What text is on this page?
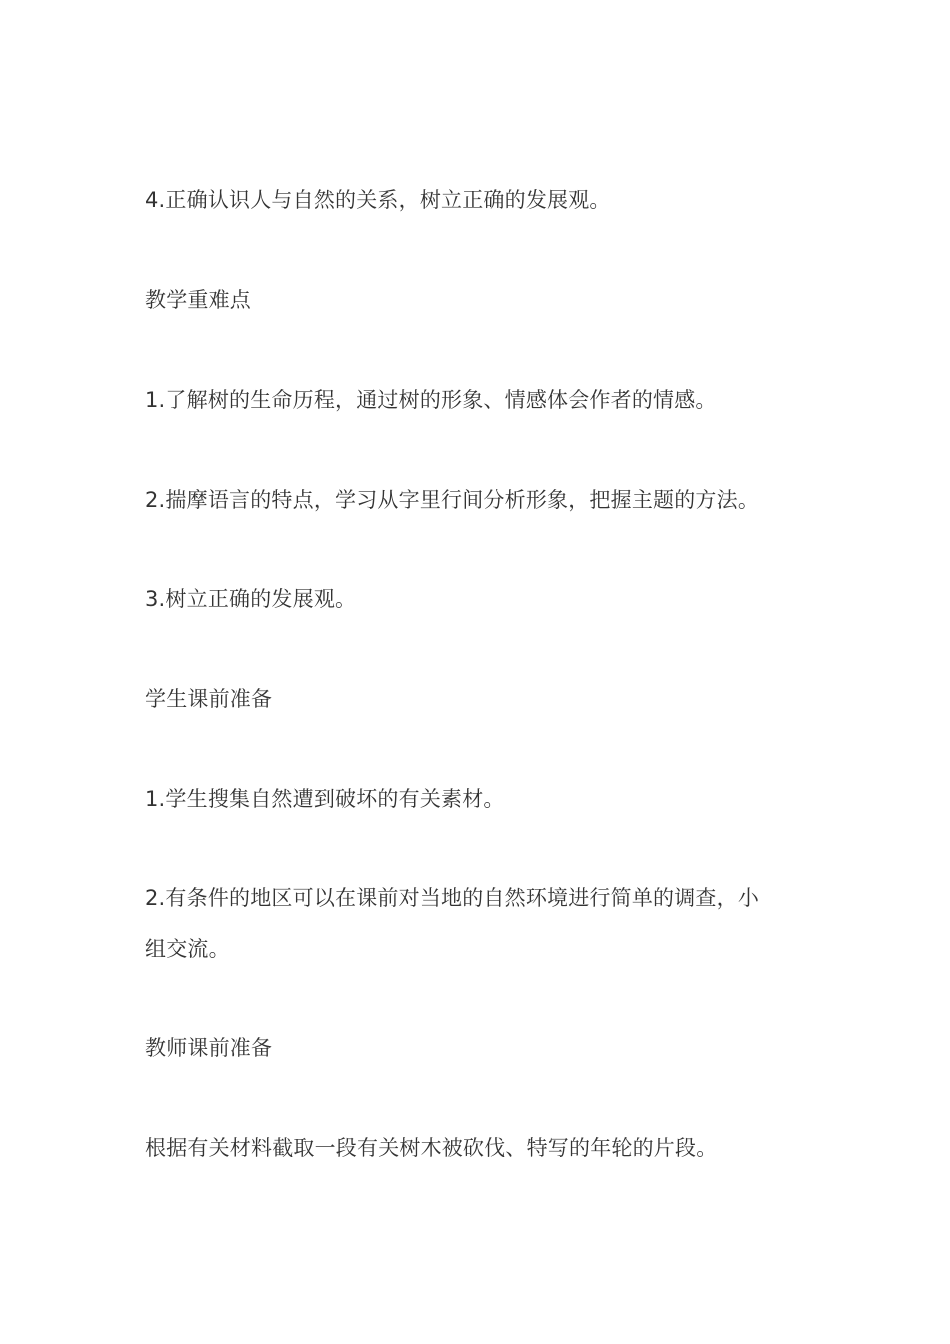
4.正确认识人与自然的关系，树立正确的发展观。
教学重难点
1.了解树的生命历程，通过树的形象、情感体会作者的情感。
2.揣摩语言的特点，学习从字里行间分析形象，把握主题的方法。
3.树立正确的发展观。
学生课前准备
1.学生搜集自然遭到破坏的有关素材。
2.有条件的地区可以在课前对当地的自然环境进行简单的调查，小
组交流。
教师课前准备
根据有关材料截取一段有关树木被砍伐、特写的年轮的片段。
